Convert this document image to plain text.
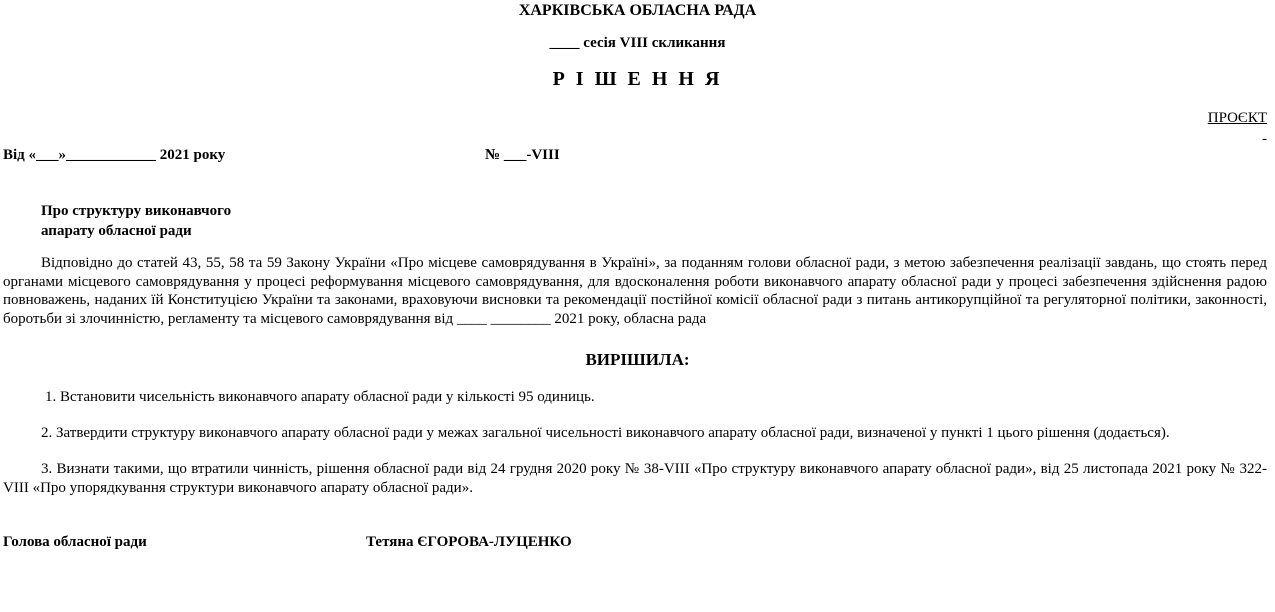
ХАРКІВСЬКА ОБЛАСНА РАДА
____ сесія VIII скликання
Р І Ш Е Н Н Я
ПРОЄКТ
-
Від «___»____________ 2021 року	№ ___-VIII
Про структуру виконавчого
апарату обласної ради

Відповідно до статей 43, 55, 58 та 59 Закону України «Про місцеве самоврядування в Україні», за поданням голови обласної ради, з метою забезпечення реалізації завдань, що стоять перед органами місцевого самоврядування у процесі реформування місцевого самоврядування, для вдосконалення роботи виконавчого апарату обласної ради у процесі забезпечення здійснення радою повноважень, наданих їй Конституцією України та законами, враховуючи висновки та рекомендації постійної комісії обласної ради з питань антикорупційної та регуляторної політики, законності, боротьби зі злочинністю, регламенту та місцевого самоврядування від ____ ________ 2021 року, обласна рада

ВИРІШИЛА:
1. Встановити чисельність виконавчого апарату обласної ради у кількості 95 одиниць.
2. Затвердити структуру виконавчого апарату обласної ради у межах загальної чисельності виконавчого апарату обласної ради, визначеної у пункті 1 цього рішення (додається).

3. Визнати такими, що втратили чинність, рішення обласної ради від 24 грудня 2020 року № 38-VIII «Про структуру виконавчого апарату обласної ради», від 25 листопада 2021 року № 322- VIII «Про упорядкування структури виконавчого апарату обласної ради».

Голова обласної ради	Тетяна ЄГОРОВА-ЛУЦЕНКО
